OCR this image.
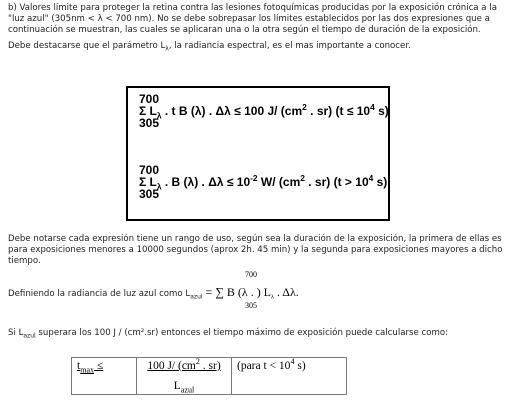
b) Valores límite para proteger la retina contra las lesiones fotoquímicas producidas por la exposición crónica a la "luz azul" (305nm < λ < 700 nm). No se debe sobrepasar los límites establecidos por las dos expresiones que a continuación se muestran, las cuales se aplicaran una o la otra según el tiempo de duración de la exposición.

Debe destacarse que el parámetro $L_\lambda$, la radiancia espectral, es el mas importante a conocer.

700
Σ $L_\lambda$ . t B (λ) . Δλ ≤ 100 J/ ($cm^2$ . sr) ($t \le 10^4$ s)
305
700
Σ $L_\lambda$ . B (λ) . $\Delta\lambda \le 10^{-2}$ W/ ($cm^2$ . sr) ($t > 10^4$ s)
305

Debe notarse cada expresión tiene un rango de uso, según sea la duración de la exposición, la primera de ellas es para exposiciones menores a 10000 segundos (aprox 2h. 45 min) y la segunda para exposiciones mayores a dicho tiempo.

700
Definiendo la radiancia de luz azul como $L_{azul}$ = ∑ B (λ . ) $L_\lambda$ . Δλ.
305

Si $L_{azul}$ superara los 100 J / (cm².sr) entonces el tiempo máximo de exposición puede calcularse como:

$t_{max}$ ≤	100 J/ ($cm^2$ . sr)
$L_{azul}$
	(para $t < 10^4$ s)
